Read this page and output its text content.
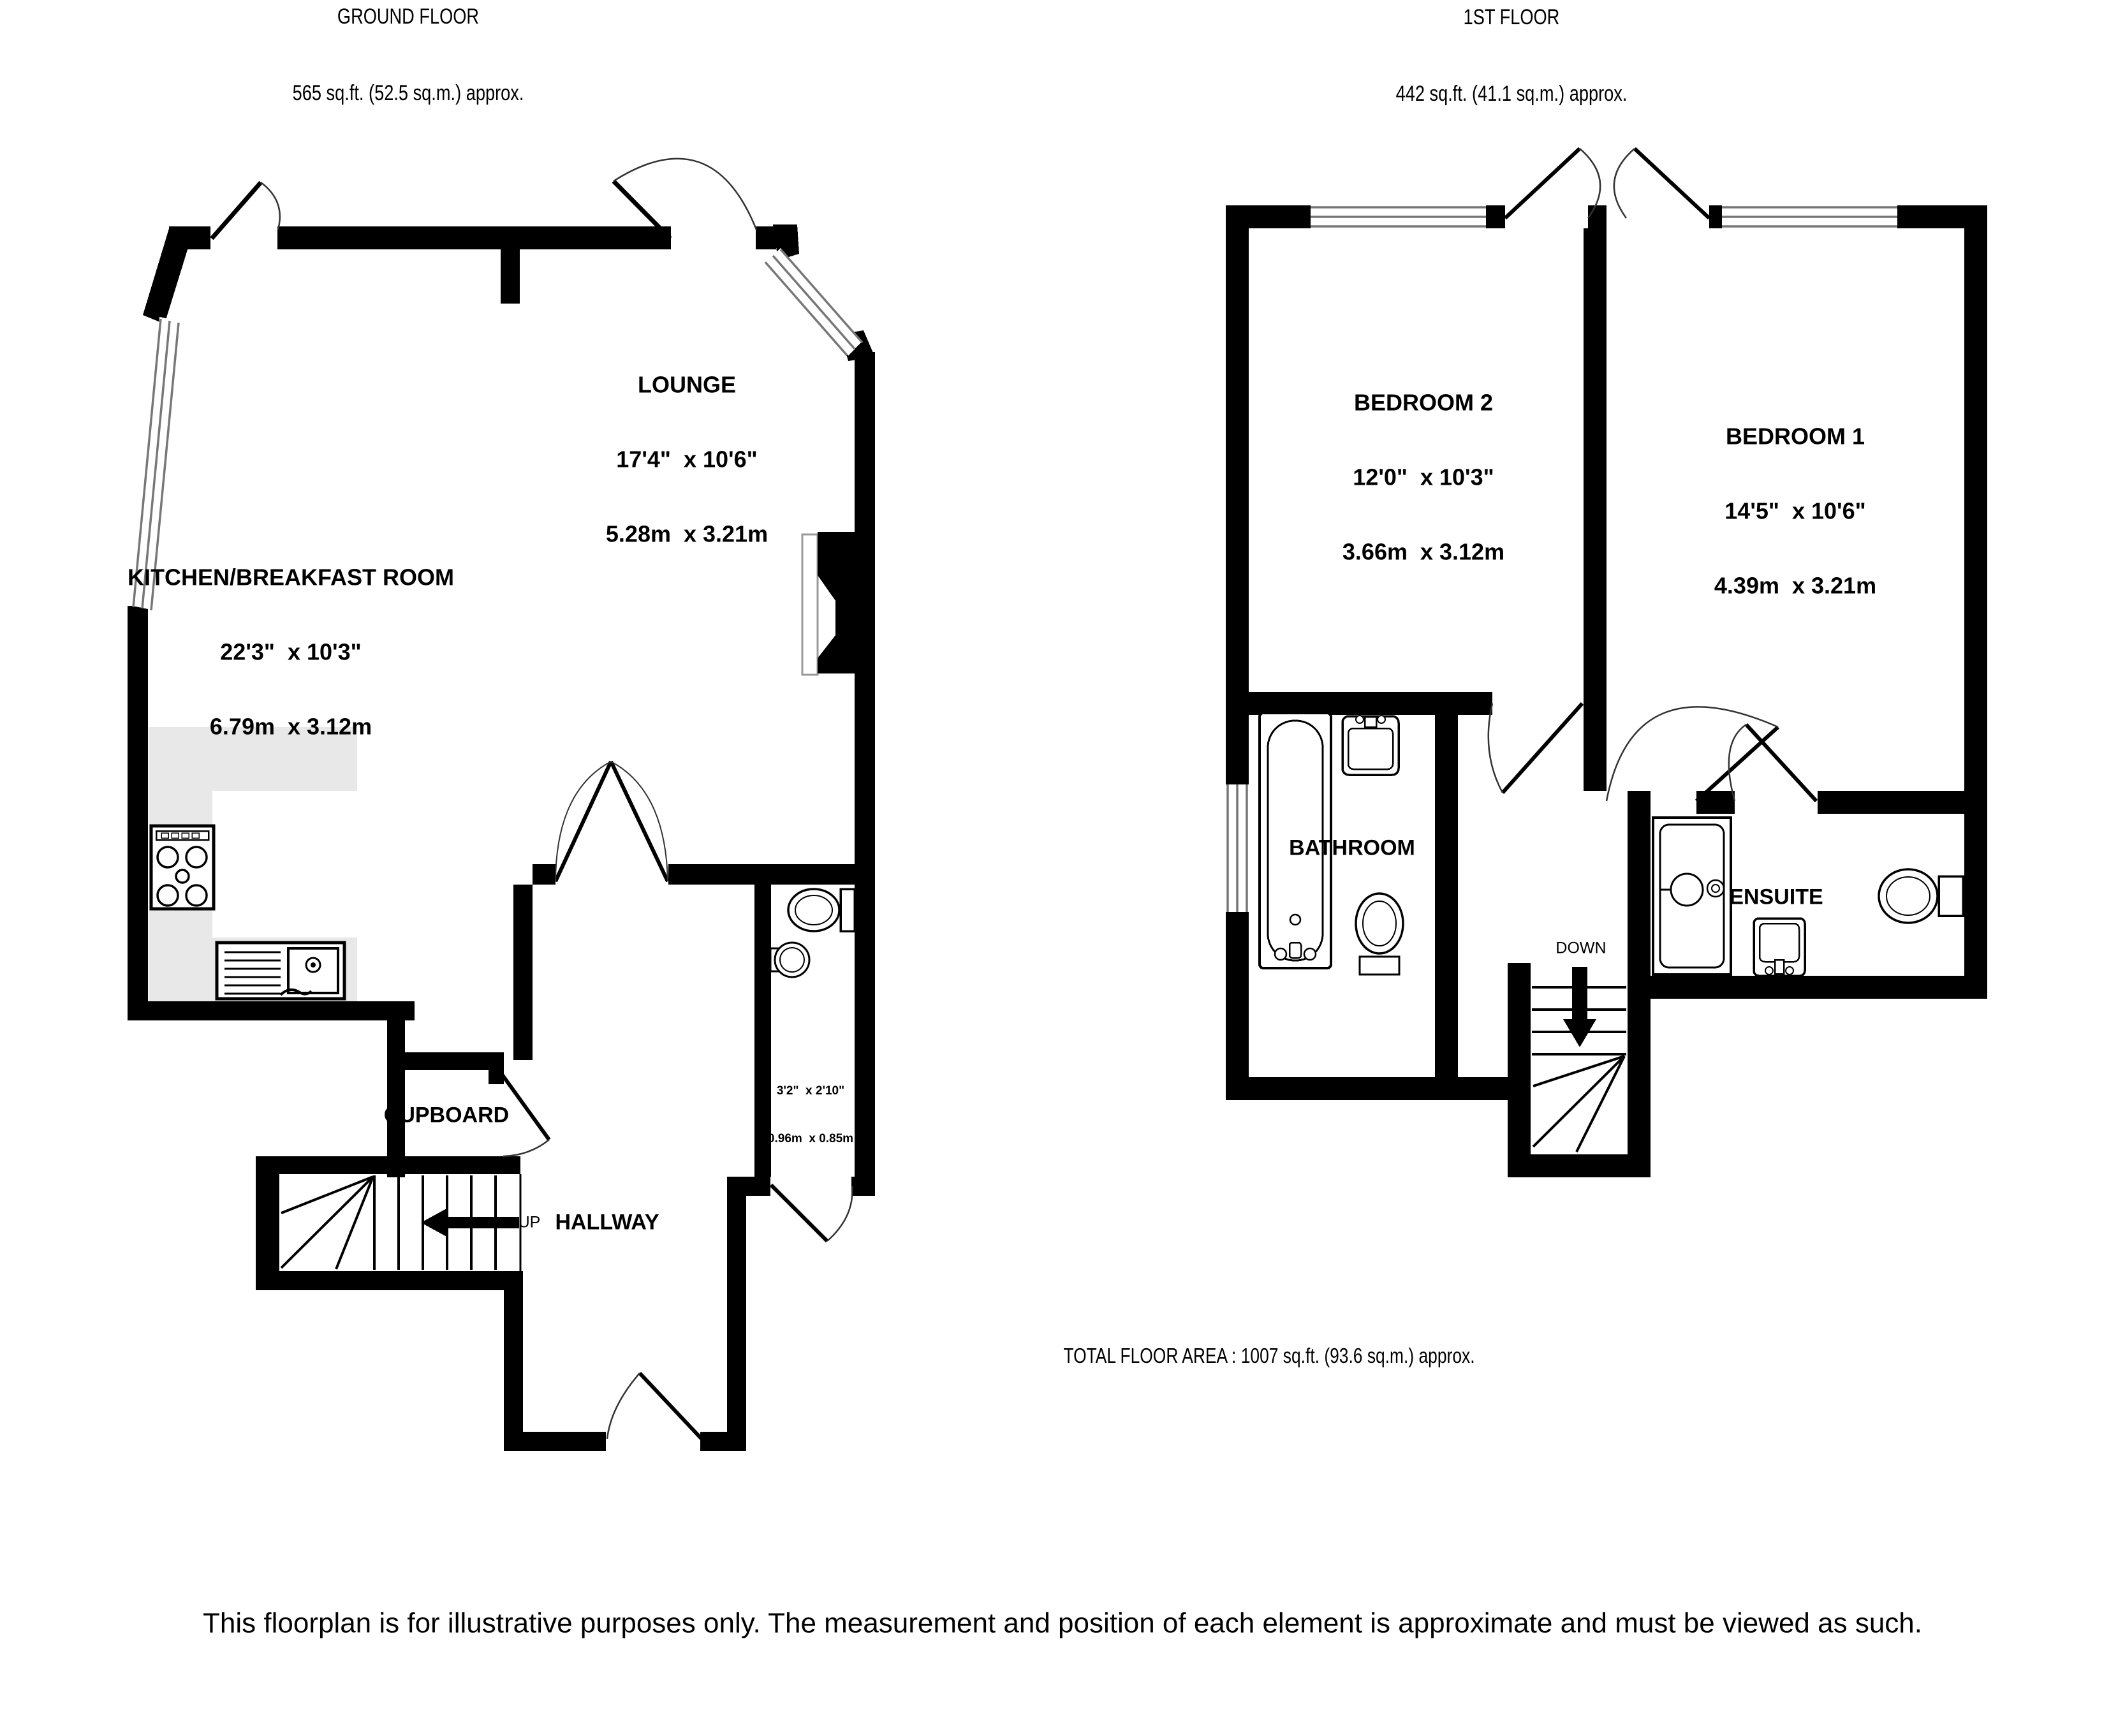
GROUND FLOOR

565 sq.ft. (52.5 sq.m.) approx.

1ST FLOOR

442 sq.ft. (41.1 sq.m.) approx.

LOUNGE

17'4"  x 10'6"

5.28m  x 3.21m

KITCHEN/BREAKFAST ROOM

22'3"  x 10'3"

6.79m  x 3.12m

CUPBOARD
UP HALLWAY

3'2"  x 2'10"

0.96m  x 0.85m

BEDROOM 2

12'0"  x 10'3"

3.66m  x 3.12m

BEDROOM 1

14'5"  x 10'6"

4.39m  x 3.21m

BATHROOM
ENSUITE
DOWN
TOTAL FLOOR AREA : 1007 sq.ft. (93.6 sq.m.) approx.
This floorplan is for illustrative purposes only. The measurement and position of each element is approximate and must be viewed as such.
